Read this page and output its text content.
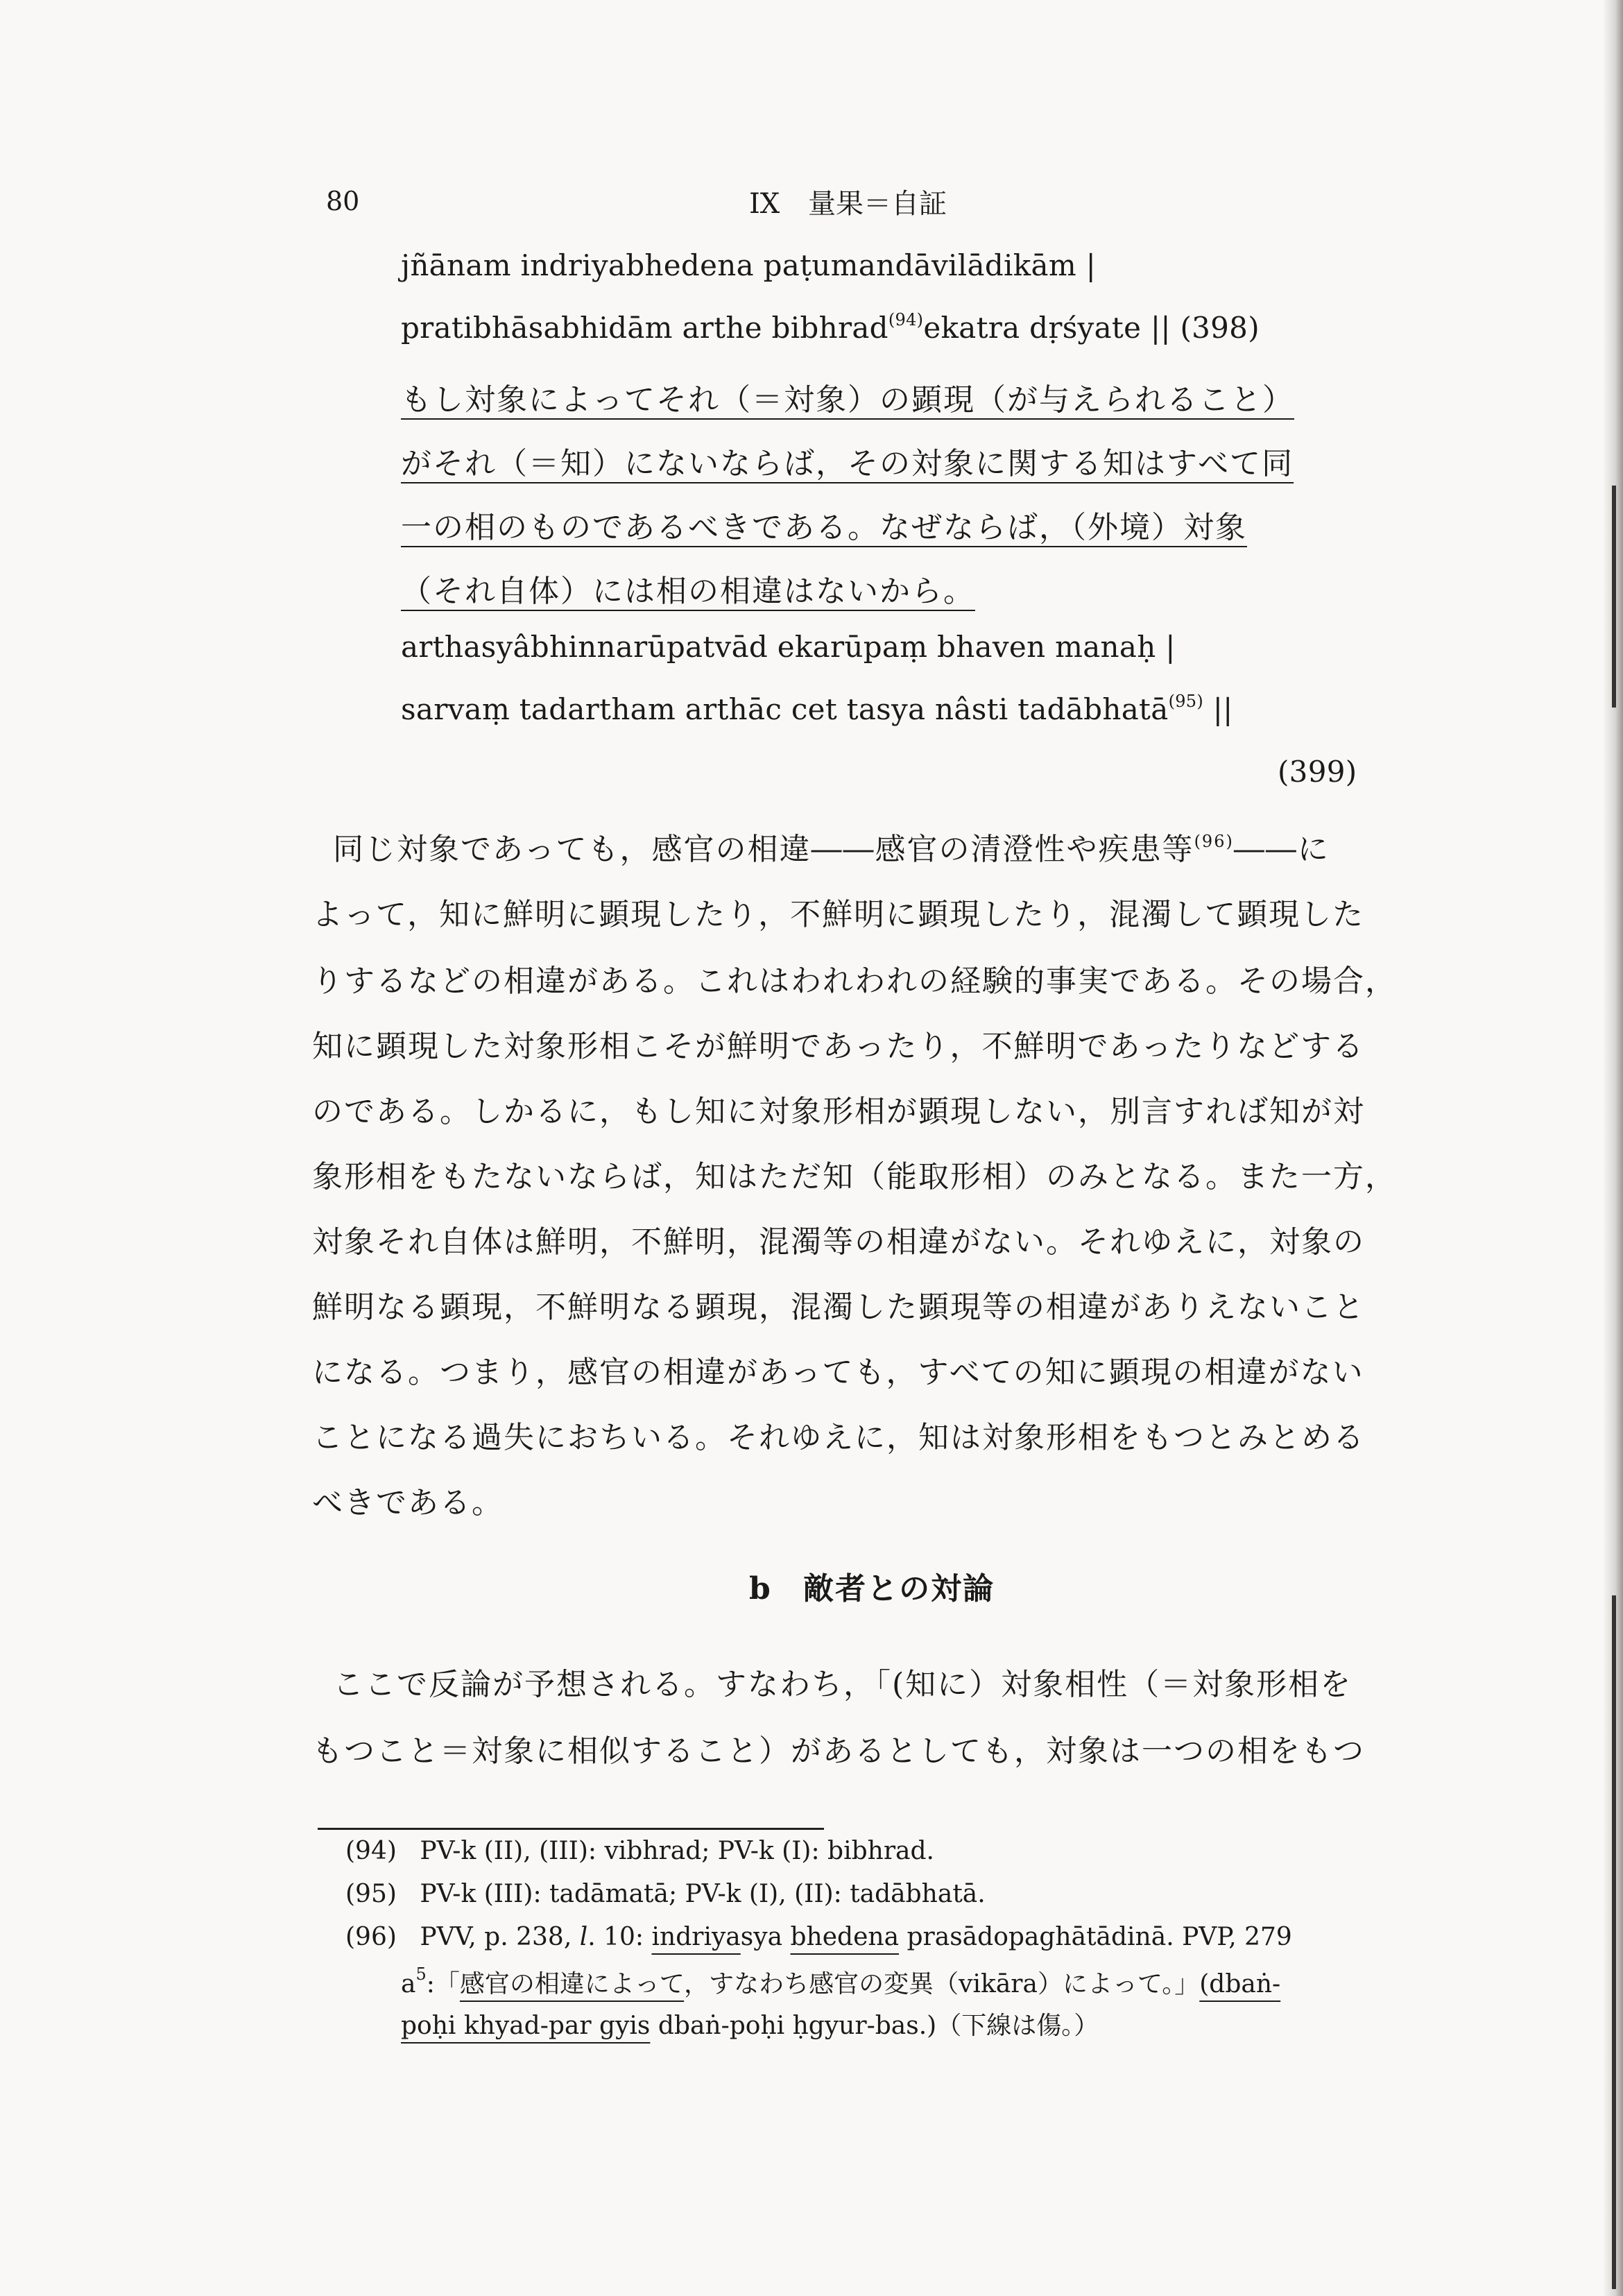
80	IX 量果＝自証
jñānam indriyabhedena paṭumandāvilādikām |
pratibhāsabhidām arthe bibhrad$^{(94)}$ekatra dṛśyate || (398)
もし対象によってそれ（＝対象）の顕現（が与えられること）
がそれ（＝知）にないならば，その対象に関する知はすべて同
一の相のものであるべきである。なぜならば，（外境）対象
（それ自体）には相の相違はないから。
arthasyâbhinnarūpatvād ekarūpaṃ bhaven manaḥ |
sarvaṃ tadartham arthāc cet tasya nâsti tadābhatā$^{(95)}$ ||
(399)
同じ対象であっても，感官の相違――感官の清澄性や疾患等$^{(96)}$――に
よって，知に鮮明に顕現したり，不鮮明に顕現したり，混濁して顕現した
りするなどの相違がある。これはわれわれの経験的事実である。その場合，
知に顕現した対象形相こそが鮮明であったり，不鮮明であったりなどする
のである。しかるに，もし知に対象形相が顕現しない，別言すれば知が対
象形相をもたないならば，知はただ知（能取形相）のみとなる。また一方，
対象それ自体は鮮明，不鮮明，混濁等の相違がない。それゆえに，対象の
鮮明なる顕現，不鮮明なる顕現，混濁した顕現等の相違がありえないこと
になる。つまり，感官の相違があっても，すべての知に顕現の相違がない
ことになる過失におちいる。それゆえに，知は対象形相をもつとみとめる
べきである。
b 敵者との対論
ここで反論が予想される。すなわち，「(知に）対象相性（＝対象形相を
もつこと＝対象に相似すること）があるとしても，対象は一つの相をもつ
(94) PV-k (II), (III): vibhrad; PV-k (I): bibhrad.
(95) PV-k (III): tadāmatā; PV-k (I), (II): tadābhatā.
(96) PVV, p. 238, l. 10: indriyasya bhedena prasādopaghātādinā. PVP, 279
$a^5$:「感官の相違によって，すなわち感官の変異（vikāra）によって。」(dbaṅ-
poḥi khyad-par gyis dbaṅ-poḥi ḥgyur-bas.)（下線は傷。）
